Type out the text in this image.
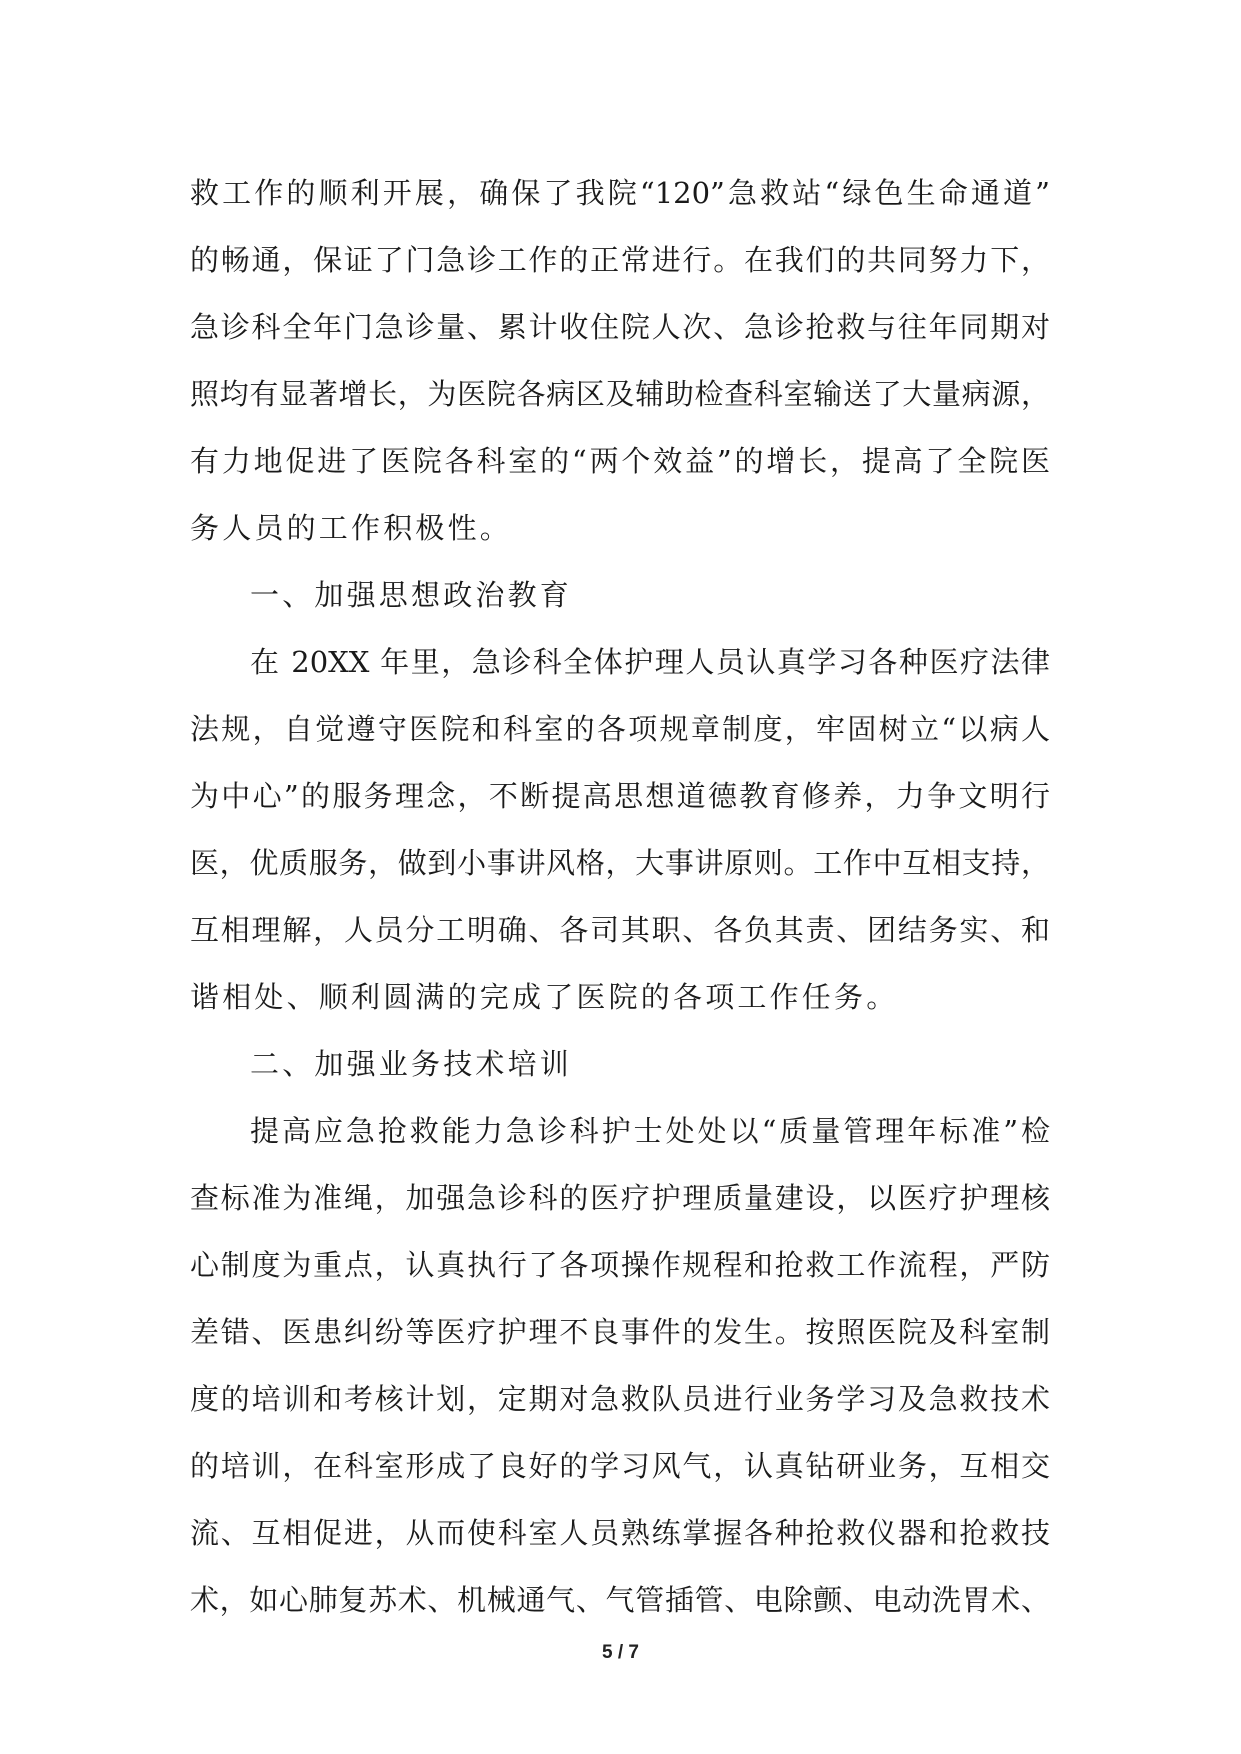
救工作的顺利开展，确保了我院“120”急救站“绿色生命通道”
的畅通，保证了门急诊工作的正常进行。在我们的共同努力下，
急诊科全年门急诊量、累计收住院人次、急诊抢救与往年同期对
照均有显著增长，为医院各病区及辅助检查科室输送了大量病源，
有力地促进了医院各科室的“两个效益”的增长，提高了全院医
务人员的工作积极性。
一、加强思想政治教育
在 20XX 年里，急诊科全体护理人员认真学习各种医疗法律
法规，自觉遵守医院和科室的各项规章制度，牢固树立“以病人
为中心”的服务理念，不断提高思想道德教育修养，力争文明行
医，优质服务，做到小事讲风格，大事讲原则。工作中互相支持，
互相理解，人员分工明确、各司其职、各负其责、团结务实、和
谐相处、顺利圆满的完成了医院的各项工作任务。
二、加强业务技术培训
提高应急抢救能力急诊科护士处处以“质量管理年标准”检
查标准为准绳，加强急诊科的医疗护理质量建设，以医疗护理核
心制度为重点，认真执行了各项操作规程和抢救工作流程，严防
差错、医患纠纷等医疗护理不良事件的发生。按照医院及科室制
度的培训和考核计划，定期对急救队员进行业务学习及急救技术
的培训，在科室形成了良好的学习风气，认真钻研业务，互相交
流、互相促进，从而使科室人员熟练掌握各种抢救仪器和抢救技
术，如心肺复苏术、机械通气、气管插管、电除颤、电动洗胃术、
5 / 7
